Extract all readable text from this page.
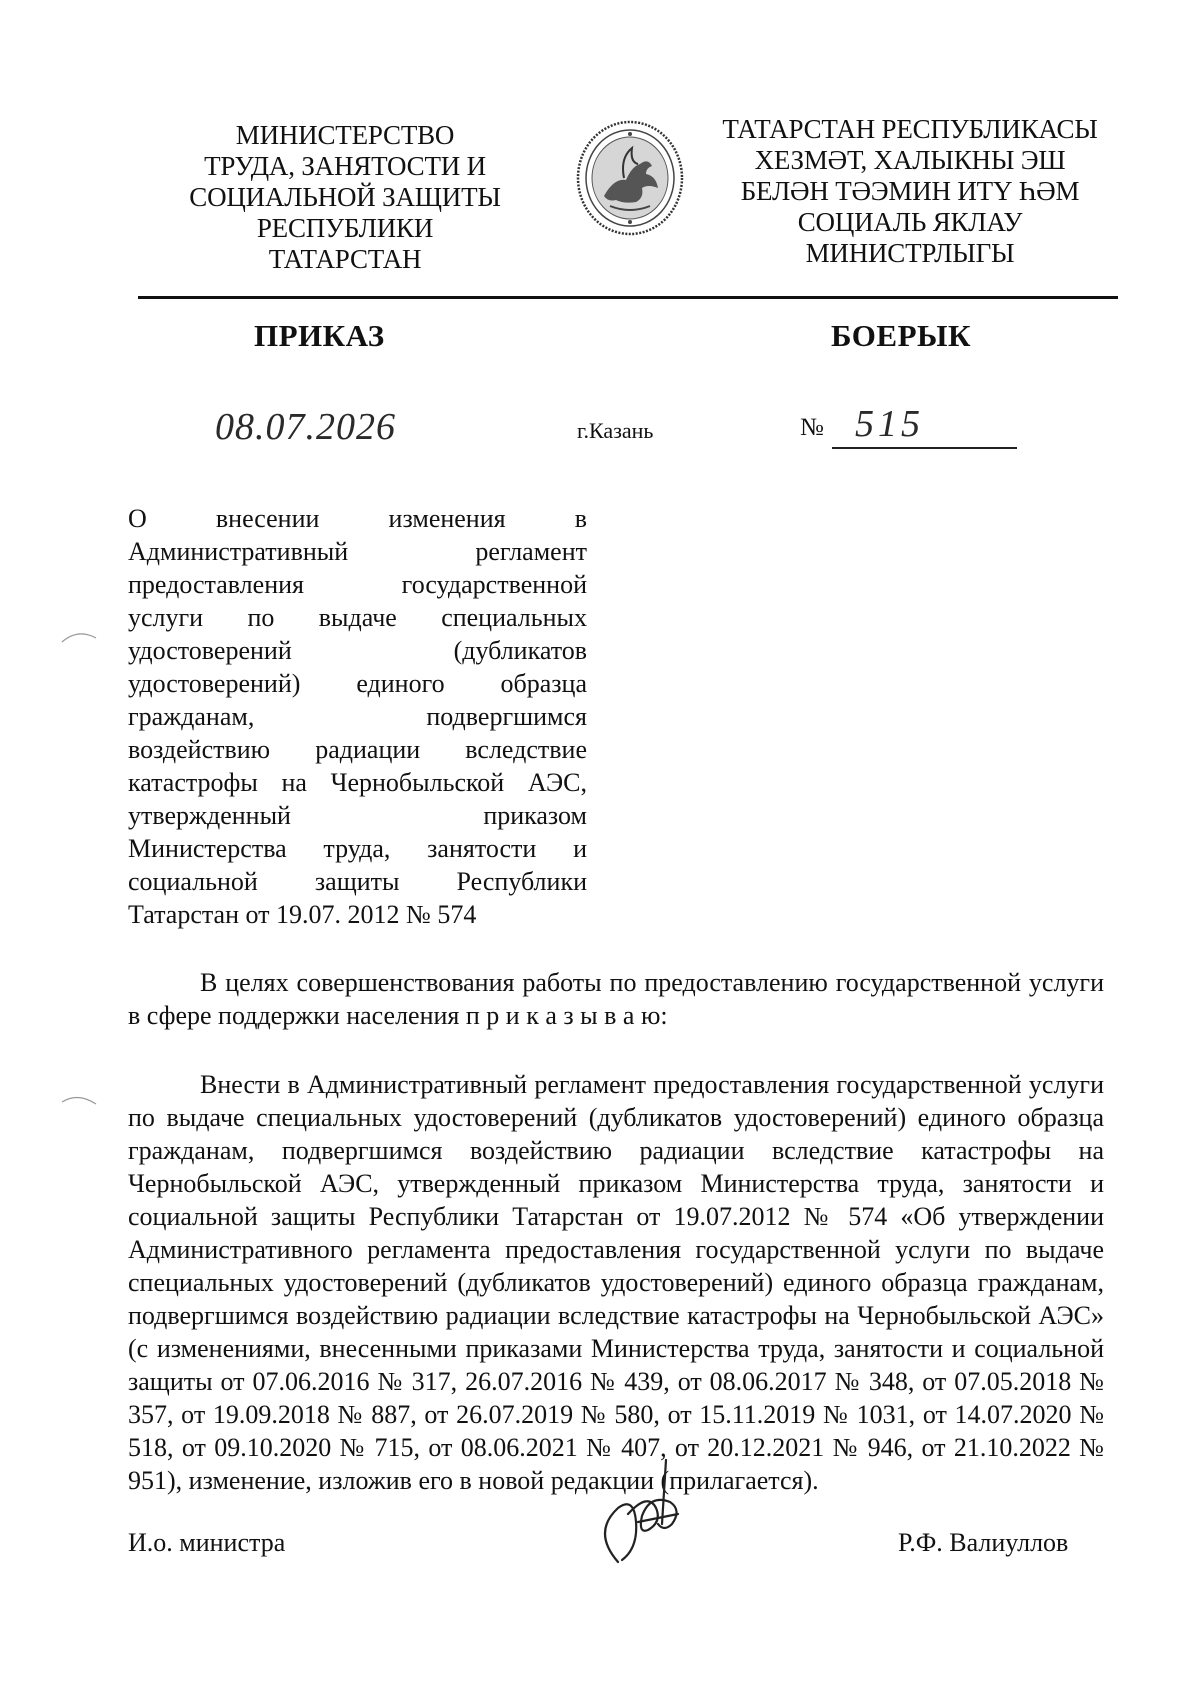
МИНИСТЕРСТВО
ТРУДА, ЗАНЯТОСТИ И
СОЦИАЛЬНОЙ ЗАЩИТЫ
РЕСПУБЛИКИ
ТАТАРСТАН
ТАТАРСТАН РЕСПУБЛИКАСЫ
ХЕЗМӘТ, ХАЛЫКНЫ ЭШ
БЕЛӘН ТӘЭМИН ИТҮ ҺӘМ
СОЦИАЛЬ ЯКЛАУ
МИНИСТРЛЫГЫ
ПРИКАЗ	БОЕРЫК
08.07.2026	г.Казань	№ 515
О внесении изменения в
Административный регламент
предоставления государственной
услуги по выдаче специальных
удостоверений (дубликатов
удостоверений) единого образца
гражданам, подвергшимся
воздействию радиации вследствие
катастрофы на Чернобыльской АЭС,
утвержденный приказом
Министерства труда, занятости и
социальной защиты Республики
Татарстан от 19.07. 2012 № 574
В целях совершенствования работы по предоставлению государственной услуги в сфере поддержки населения п р и к а з ы в а ю:
Внести в Административный регламент предоставления государственной услуги по выдаче специальных удостоверений (дубликатов удостоверений) единого образца гражданам, подвергшимся воздействию радиации вследствие катастрофы на Чернобыльской АЭС, утвержденный приказом Министерства труда, занятости и социальной защиты Республики Татарстан от 19.07.2012 № 574 «Об утверждении Административного регламента предоставления государственной услуги по выдаче специальных удостоверений (дубликатов удостоверений) единого образца гражданам, подвергшимся воздействию радиации вследствие катастрофы на Чернобыльской АЭС» (с изменениями, внесенными приказами Министерства труда, занятости и социальной защиты от 07.06.2016 № 317, 26.07.2016 № 439, от 08.06.2017 № 348, от 07.05.2018 № 357, от 19.09.2018 № 887, от 26.07.2019 № 580, от 15.11.2019 № 1031, от 14.07.2020 № 518, от 09.10.2020 № 715, от 08.06.2021 № 407, от 20.12.2021 № 946, от 21.10.2022 № 951), изменение, изложив его в новой редакции (прилагается).
И.о. министра	Р.Ф. Валиуллов
